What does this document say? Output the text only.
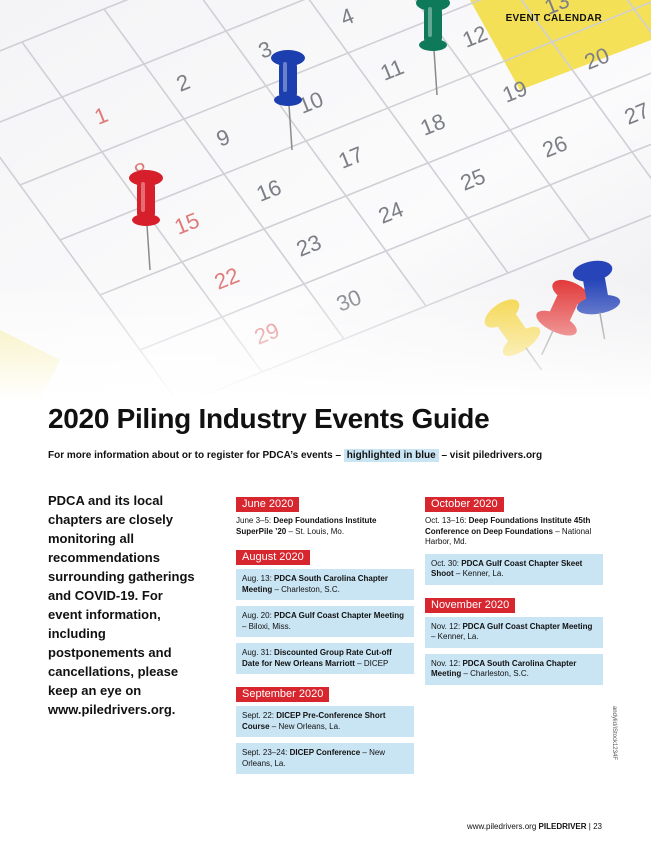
EVENT CALENDAR
andylid/iStock1234F
2020 Piling Industry Events Guide
For more information about or to register for PDCA’s events – highlighted in blue – visit piledrivers.org

PDCA and its local chapters are closely monitoring all recommendations surrounding gatherings and COVID-19. For event information, including postponements and cancellations, please keep an eye on www.piledrivers.org.

June 2020
June 3–5: Deep Foundations Institute SuperPile ’20 – St. Louis, Mo.
August 2020
Aug. 13: PDCA South Carolina Chapter Meeting – Charleston, S.C.
Aug. 20: PDCA Gulf Coast Chapter Meeting – Biloxi, Miss.
Aug. 31: Discounted Group Rate Cut-off Date for New Orleans Marriott – DICEP
September 2020
Sept. 22: DICEP Pre-Conference Short Course – New Orleans, La.
Sept. 23–24: DICEP Conference – New Orleans, La.
October 2020
Oct. 13–16: Deep Foundations Institute 45th Conference on Deep Foundations – National Harbor, Md.
Oct. 30: PDCA Gulf Coast Chapter Skeet Shoot – Kenner, La.
November 2020
Nov. 12: PDCA Gulf Coast Chapter Meeting – Kenner, La.
Nov. 12: PDCA South Carolina Chapter Meeting – Charleston, S.C.
www.piledrivers.org PILEDRIVER | 23
